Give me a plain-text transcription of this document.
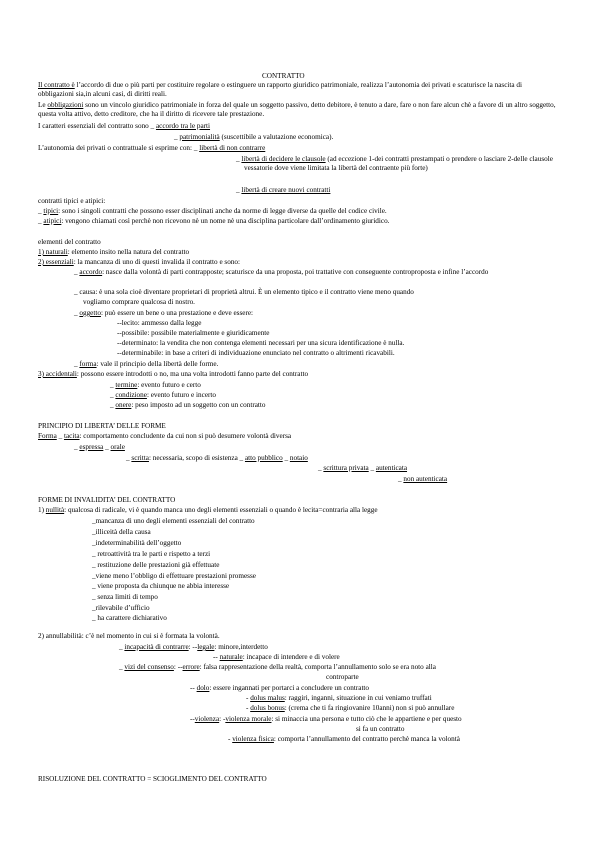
CONTRATTO
Il contratto è l’accordo di due o più parti per costituire regolare o estinguere un rapporto giuridico patrimoniale, realizza l’autonomia dei privati e scaturisce la nascita di obbligazioni sia,in alcuni casi, di diritti reali.
Le obbligazioni sono un vincolo giuridico patrimoniale in forza del quale un soggetto passivo, detto debitore, è tenuto a dare, fare o non fare alcun chè a favore di un altro soggetto, questa volta attivo, detto creditore, che ha il diritto di ricevere tale prestazione.
I caratteri essenziali del contratto sono _ accordo tra le parti
_ patrimonialità (suscettibile a valutazione economica).
L’autonomia dei privati o contrattuale si esprime con: _ libertà di non contrarre
_ libertà di decidere le clausole (ad eccezione 1-dei contratti prestampati o prendere o lasciare 2-delle clausole vessatorie dove viene limitata la libertà del contraente più forte)
_ libertà di creare nuovi contratti
contratti tipici e atipici:
_ tipici: sono i singoli contratti che possono esser disciplinati anche da norme di legge diverse da quelle del codice civile.
_ atipici: vengono chiamati così perchè non ricevono nè un nome nè una disciplina particolare dall’ordinamento giuridico.
elementi del contratto
1) naturali: elemento insito nella natura del contratto
2) essenziali: la mancanza di uno di questi invalida il contratto e sono:
_ accordo: nasce dalla volontà di parti contrapposte; scaturisce da una proposta, poi trattative con conseguente controproposta e infine l’accordo
_ causa: è una sola cioè diventare proprietari di proprietà altrui. È un elemento tipico e il contratto viene meno quando
vogliamo comprare qualcosa di nostro.
_ oggetto: può essere un bene o una prestazione e deve essere:
--lecito: ammesso dalla legge
--possibile: possibile materialmente e giuridicamente
--determinato: la vendita che non contenga elementi necessari per una sicura identificazione è nulla.
--determinabile: in base a criteri di individuazione enunciato nel contratto o altrimenti ricavabili.
_ forma: vale il principio della libertà delle forme.
3) accidentali: possono essere introdotti o no, ma una volta introdotti fanno parte del contratto
_ termine: evento futuro e certo
_ condizione: evento futuro e incerto
_ onere: peso imposto ad un soggetto con un contratto
PRINCIPIO DI LIBERTA’ DELLE FORME
Forma _ tacita: comportamento concludente da cui non si può desumere volontà diversa
_ espressa _ orale
_ scritta: necessaria, scopo di esistenza _ atto pubblico _ notaio
_ scrittura privata _ autenticata
_ non autenticata
FORME DI INVALIDITA’ DEL CONTRATTO
1) nullità: qualcosa di radicale, vi è quando manca uno degli elementi essenziali o quando è lecita=contraria alla legge
_mancanza di uno degli elementi essenziali del contratto
_illiceità della causa
_indeterminabilità dell’oggetto
_ retroattività tra le parti e rispetto a terzi
_ restituzione delle prestazioni già effettuate
_viene meno l’obbligo di effettuare prestazioni promesse
_ viene proposta da chiunque ne abbia interesse
_ senza limiti di tempo
_rilevabile d’ufficio
_ ha carattere dichiarativo
2) annullabilità: c’è nel momento in cui si è formata la volontà.
_ incapacità di contrarre: --legale: minore,interdetto
-- naturale: incapace di intendere e di volere
_ vizi del consenso: --errore: falsa rappresentazione della realtà, comporta l’annullamento solo se era noto alla
controparte
-- dolo: essere ingannati per portarci a concludere un contratto
- dolus malus: raggiri, inganni, situazione in cui veniamo truffati
- dolus bonus: (crema che ti fa ringiovanire 10anni) non si può annullare
--violenza: -violenza morale: si minaccia una persona e tutto ciò che le appartiene e per questo
si fa un contratto
- violenza fisica: comporta l’annullamento del contratto perchè manca la volontà
RISOLUZIONE DEL CONTRATTO = SCIOGLIMENTO DEL CONTRATTO
